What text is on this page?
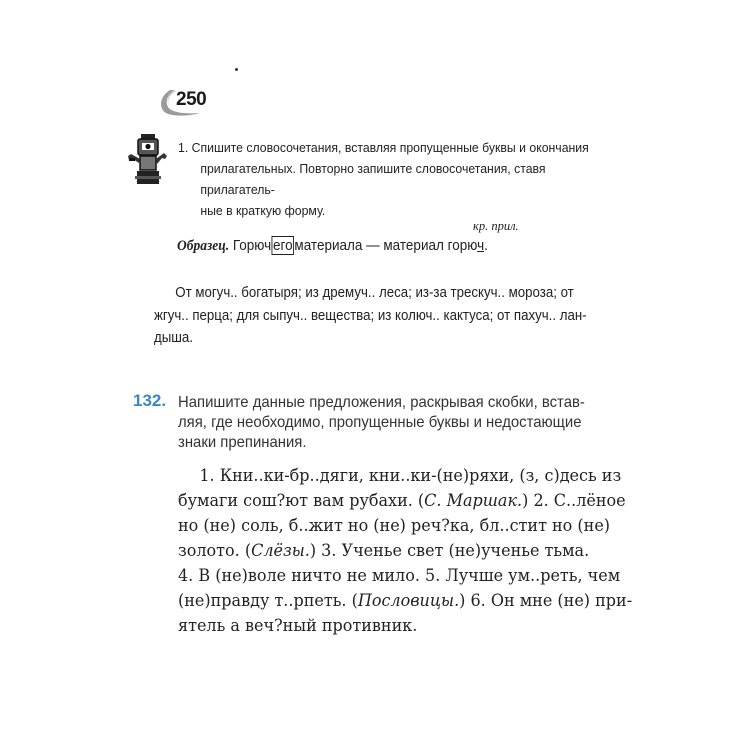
250

1. Спишите словосочетания, вставляя пропущенные буквы и окончания

прилагательных. Повторно запишите словосочетания, ставя прилагатель-

ные в краткую форму.

кр. прил.
Образец. Горюч его материала — материал горюч.

От могуч.. богатыря; из дремуч.. леса; из-за трескуч.. мороза; от

жгуч.. перца; для сыпуч.. вещества; из колюч.. кактуса; от пахуч.. лан-

дыша.

132. Напишите данные предложения, раскрывая скобки, встав-

ляя, где необходимо, пропущенные буквы и недостающие

знаки препинания.

1. Кни..ки-бр..дяги, кни..ки-(не)ряхи, (з, с)десь из

бумаги сош?ют вам рубахи. (С. Маршак.) 2. С..лёное

но (не) соль, б..жит но (не) реч?ка, бл..стит но (не)

золото. (Слёзы.) 3. Ученье свет (не)ученье тьма.

4. В (не)воле ничто не мило. 5. Лучше ум..реть, чем

(не)правду т..рпеть. (Пословицы.) 6. Он мне (не) при-

ятель а веч?ный противник.
